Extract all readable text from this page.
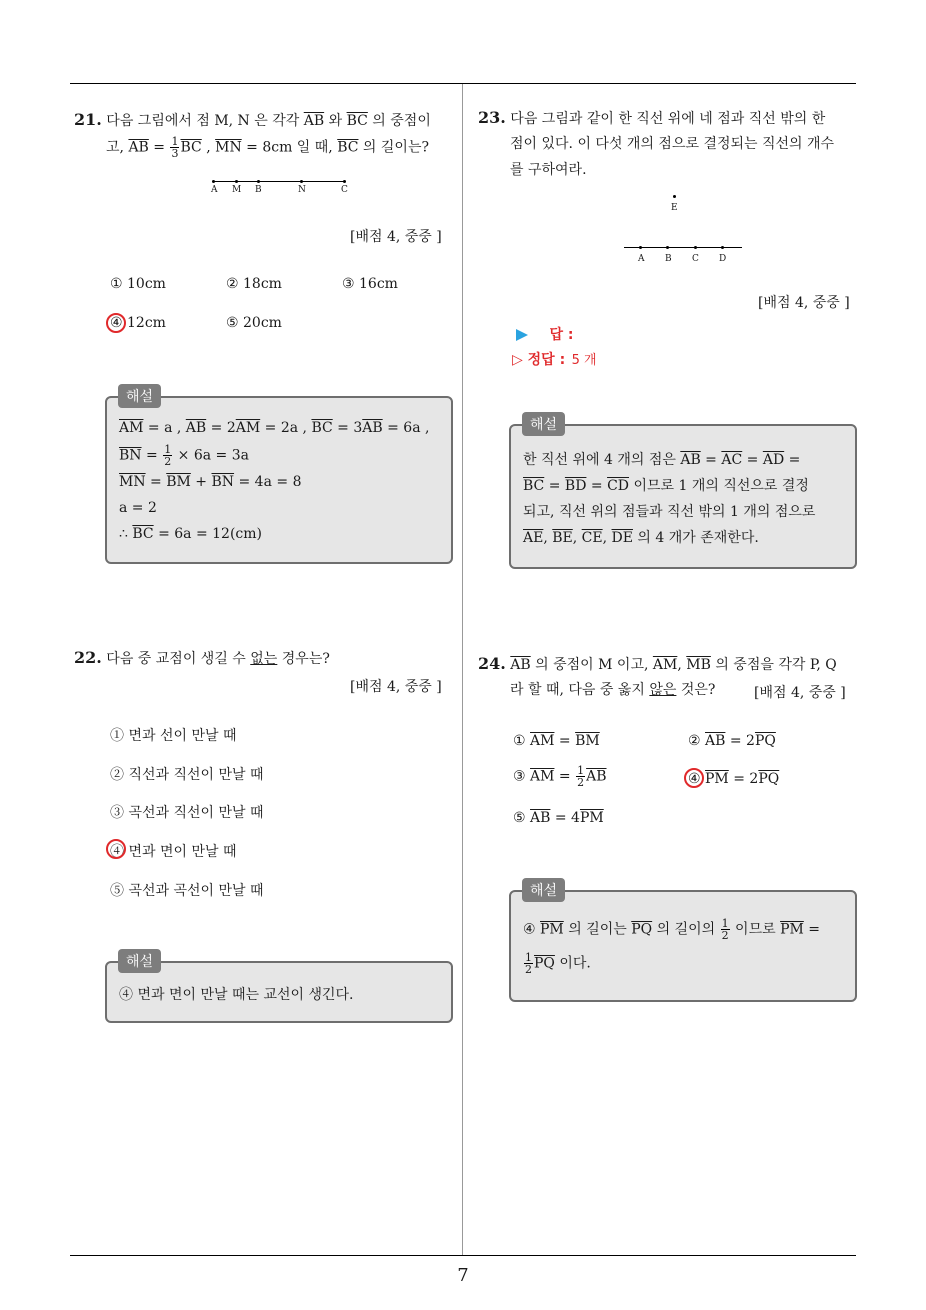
7
21. 다음 그림에서 점 M, N 은 각각 $\overline{AB}$ 와 $\overline{BC}$ 의 중점이
고, $\overline{AB} = \frac{1}{3} \overline{BC}$ , $\overline{MN} = 8cm$ 일 때, $\overline{BC}$ 의 길이는?
A M B	N	C
[배점 4, 중중 ]
① 10cm	② 18cm	③ 16cm
④ 12cm	⑤ 20cm
$\overline{AM} = a$ , $\overline{AB} = 2\overline{AM} = 2a$ , $\overline{BC} = 3\overline{AB} = 6a$ ,
$\overline{BN} = \frac{1}{2} \times 6a = 3a$
$\overline{MN} = \overline{BM} + \overline{BN} = 4a = 8$
a = 2
∴ $\overline{BC} = 6a = 12(cm)$
해설
22. 다음 중 교점이 생길 수 없는 경우는?
[배점 4, 중중 ]
① 면과 선이 만날 때
② 직선과 직선이 만날 때
③ 곡선과 직선이 만날 때
④ 면과 면이 만날 때
⑤ 곡선과 곡선이 만날 때
④ 면과 면이 만날 때는 교선이 생긴다.
해설
23. 다음 그림과 같이 한 직선 위에 네 점과 직선 밖의 한
점이 있다. 이 다섯 개의 점으로 결정되는 직선의 개수
를 구하여라.
E
A B C D
[배점 4, 중중 ]
답 :
▷ 정답 : 5 개
한 직선 위에 4 개의 점은 $\overline{AB} = \overline{AC} = \overline{AD}$ =
$\overline{BC} = \overline{BD} = \overline{CD}$ 이므로 1 개의 직선으로 결정
되고, 직선 위의 점들과 직선 밖의 1 개의 점으로
$\overline{AE}$, $\overline{BE}$, $\overline{CE}$, $\overline{DE}$ 의 4 개가 존재한다.
해설
24. $\overline{AB}$ 의 중점이 M 이고, $\overline{AM}$, $\overline{MB}$ 의 중점을 각각 P, Q
라 할 때, 다음 중 옳지 않은 것은?	[배점 4, 중중 ]
① $\overline{AM} = \overline{BM}$	② $\overline{AB} = 2\overline{PQ}$
③ $\overline{AM} = \frac{1}{2} \overline{AB}$	④ $\overline{PM} = 2\overline{PQ}$
⑤ $\overline{AB} = 4\overline{PM}$
④ $\overline{PM}$ 의 길이는 $\overline{PQ}$ 의 길이의 $\frac{1}{2}$ 이므로 $\overline{PM}$ =
$\frac{1}{2} \overline{PQ}$ 이다.
해설
